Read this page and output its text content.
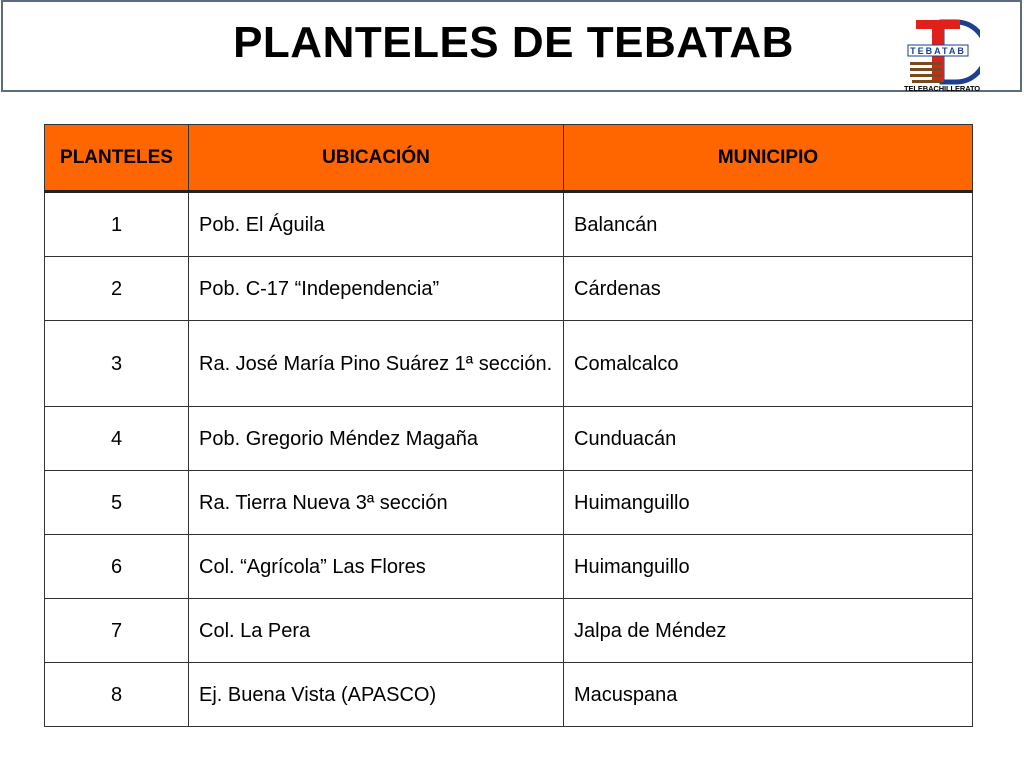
PLANTELES DE TEBATAB	TEBATAB
TELEBACHILLERATO
PLANTELES	UBICACIÓN	MUNICIPIO
1	Pob. El Águila	Balancán
2	Pob. C-17 “Independencia”	Cárdenas
3	Ra. José María Pino Suárez 1ª sección.	Comalcalco
4	Pob. Gregorio Méndez Magaña	Cunduacán
5	Ra. Tierra Nueva 3ª sección	Huimanguillo
6	Col. “Agrícola” Las Flores	Huimanguillo
7	Col. La Pera	Jalpa de Méndez
8	Ej. Buena Vista (APASCO)	Macuspana
